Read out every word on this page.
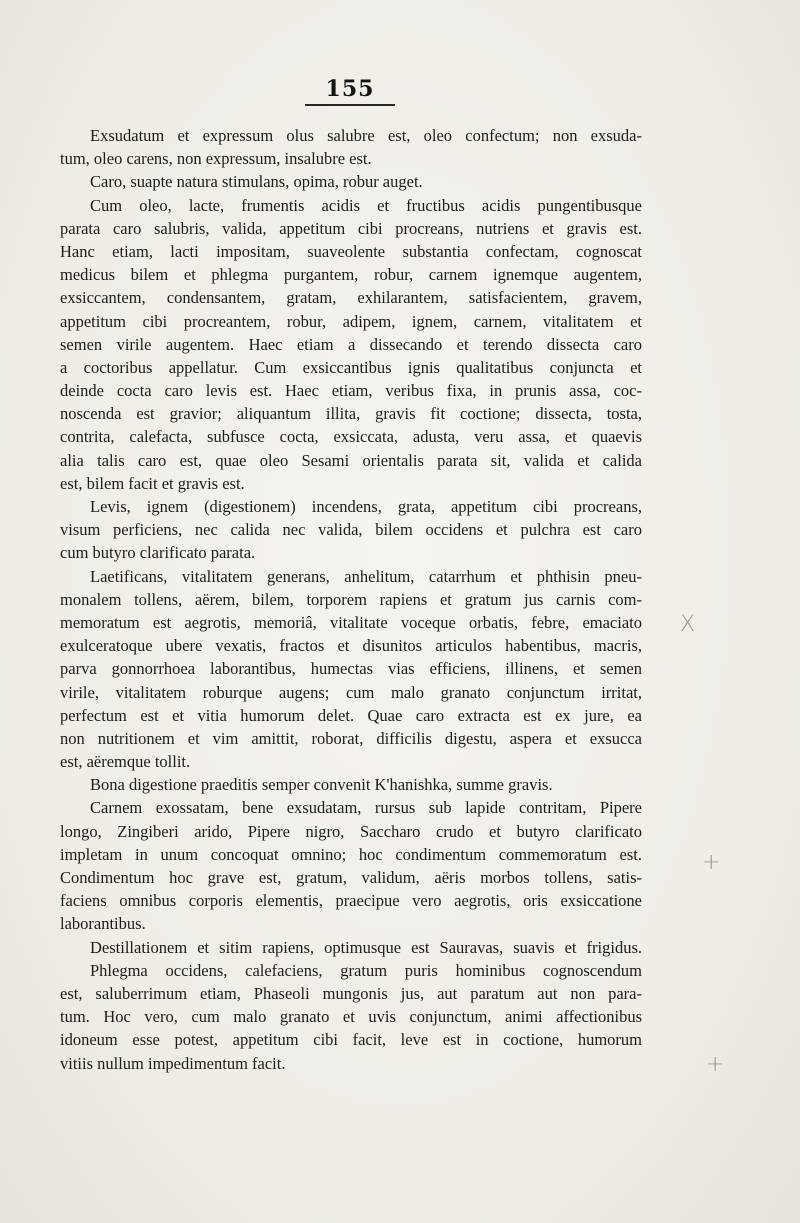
155
Exsudatum et expressum olus salubre est, oleo confectum; non exsuda-
tum, oleo carens, non expressum, insalubre est.
Caro, suapte natura stimulans, opima, robur auget.
Cum oleo, lacte, frumentis acidis et fructibus acidis pungentibusque
parata caro salubris, valida, appetitum cibi procreans, nutriens et gravis est.
Hanc etiam, lacti impositam, suaveolente substantia confectam, cognoscat
medicus bilem et phlegma purgantem, robur, carnem ignemque augentem,
exsiccantem, condensantem, gratam, exhilarantem, satisfacientem, gravem,
appetitum cibi procreantem, robur, adipem, ignem, carnem, vitalitatem et
semen virile augentem. Haec etiam a dissecando et terendo dissecta caro
a coctoribus appellatur. Cum exsiccantibus ignis qualitatibus conjuncta et
deinde cocta caro levis est. Haec etiam, veribus fixa, in prunis assa, coc-
noscenda est gravior; aliquantum illita, gravis fit coctione; dissecta, tosta,
contrita, calefacta, subfusce cocta, exsiccata, adusta, veru assa, et quaevis
alia talis caro est, quae oleo Sesami orientalis parata sit, valida et calida
est, bilem facit et gravis est.
Levis, ignem (digestionem) incendens, grata, appetitum cibi procreans,
visum perficiens, nec calida nec valida, bilem occidens et pulchra est caro
cum butyro clarificato parata.
Laetificans, vitalitatem generans, anhelitum, catarrhum et phthisin pneu-
monalem tollens, aërem, bilem, torporem rapiens et gratum jus carnis com-
memoratum est aegrotis, memoriâ, vitalitate voceque orbatis, febre, emaciato
exulceratoque ubere vexatis, fractos et disunitos articulos habentibus, macris,
parva gonnorrhoea laborantibus, humectas vias efficiens, illinens, et semen
virile, vitalitatem roburque augens; cum malo granato conjunctum irritat,
perfectum est et vitia humorum delet. Quae caro extracta est ex jure, ea
non nutritionem et vim amittit, roborat, difficilis digestu, aspera et exsucca
est, aëremque tollit.
Bona digestione praeditis semper convenit K'hanishka, summe gravis.
Carnem exossatam, bene exsudatam, rursus sub lapide contritam, Pipere
longo, Zingiberi arido, Pipere nigro, Saccharo crudo et butyro clarificato
impletam in unum concoquat omnino; hoc condimentum commemoratum est.
Condimentum hoc grave est, gratum, validum, aëris morbos tollens, satis-
faciens omnibus corporis elementis, praecipue vero aegrotis, oris exsiccatione
laborantibus.
Destillationem et sitim rapiens, optimusque est Sauravas, suavis et frigidus.
Phlegma occidens, calefaciens, gratum puris hominibus cognoscendum
est, saluberrimum etiam, Phaseoli mungonis jus, aut paratum aut non para-
tum. Hoc vero, cum malo granato et uvis conjunctum, animi affectionibus
idoneum esse potest, appetitum cibi facit, leve est in coctione, humorum
vitiis nullum impedimentum facit.
X
+
+
